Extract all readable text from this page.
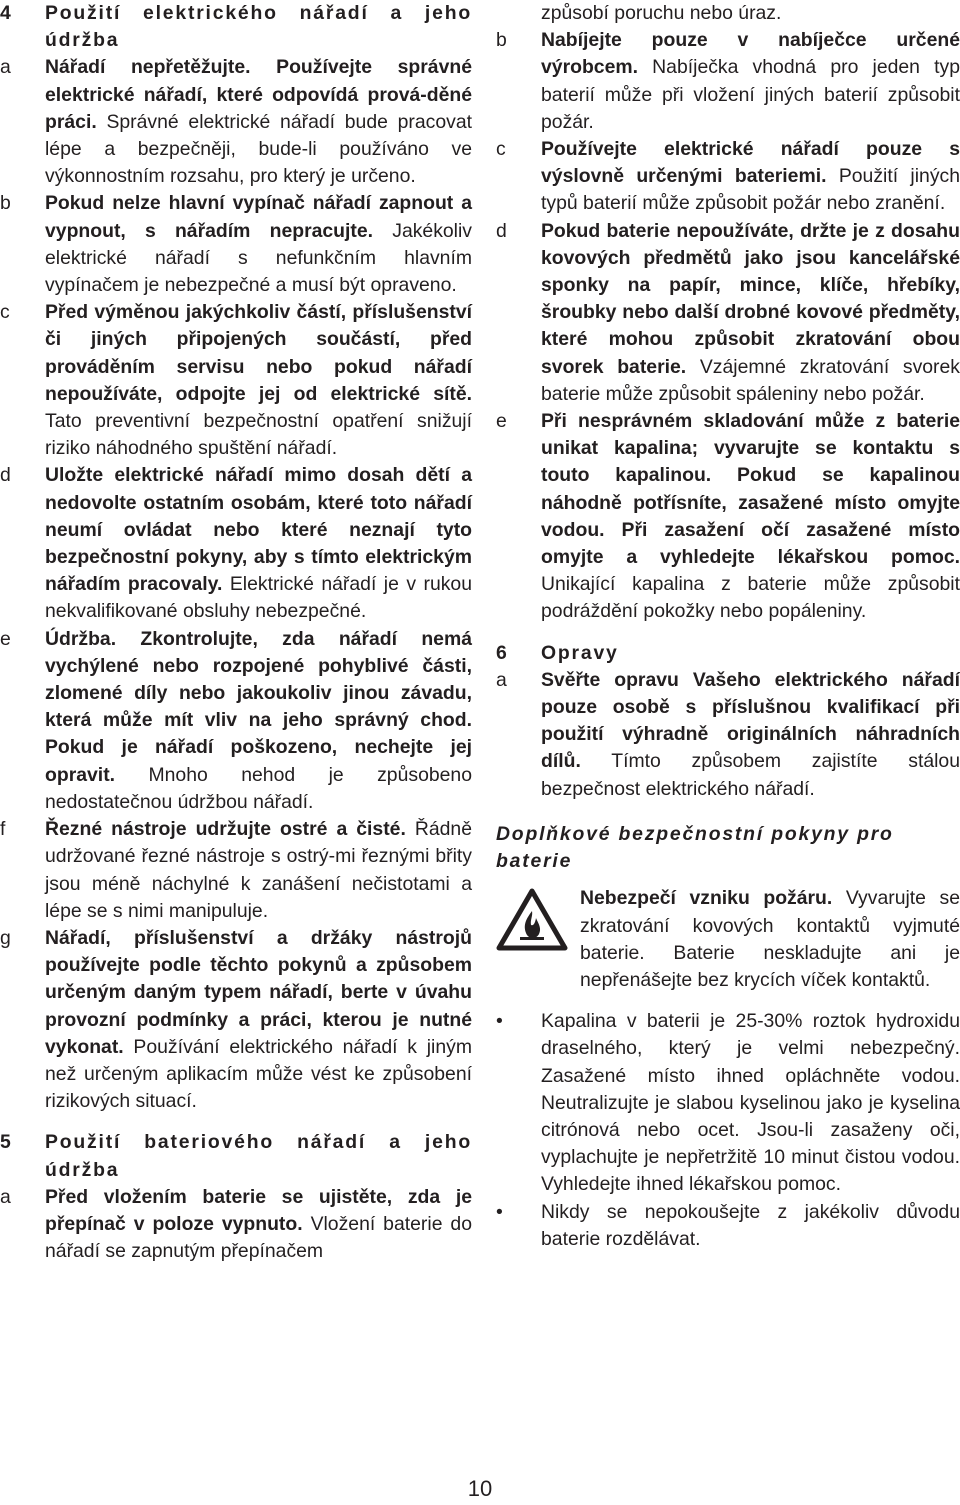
4	Použití elektrického nářadí a jeho údržba
a	Nářadí nepřetěžujte. Používejte správné elektrické nářadí, které odpovídá prová-děné práci. Správné elektrické nářadí bude pracovat lépe a bezpečněji, bude-li používáno ve výkonnostním rozsahu, pro který je určeno.
b	Pokud nelze hlavní vypínač nářadí zapnout a vypnout, s nářadím nepracujte. Jakékoliv elektrické nářadí s nefunkčním hlavním vypínačem je nebezpečné a musí být opraveno.
c	Před výměnou jakýchkoliv částí, příslušenství či jiných připojených součástí, před prováděním servisu nebo pokud nářadí nepoužíváte, odpojte jej od elektrické sítě. Tato preventivní bezpečnostní opatření snižují riziko náhodného spuštění nářadí.
d	Uložte elektrické nářadí mimo dosah dětí a nedovolte ostatním osobám, které toto nářadí neumí ovládat nebo které neznají tyto bezpečnostní pokyny, aby s tímto elektrickým nářadím pracovaly. Elektrické nářadí je v rukou nekvalifikované obsluhy nebezpečné.
e	Údržba. Zkontrolujte, zda nářadí nemá vychýlené nebo rozpojené pohyblivé části, zlomené díly nebo jakoukoliv jinou závadu, která může mít vliv na jeho správný chod. Pokud je nářadí poškozeno, nechejte jej opravit. Mnoho nehod je způsobeno nedostatečnou údržbou nářadí.
f	Řezné nástroje udržujte ostré a čisté. Řádně udržované řezné nástroje s ostrý-mi řeznými břity jsou méně náchylné k zanášení nečistotami a lépe se s nimi manipuluje.
g	Nářadí, příslušenství a držáky nástrojů používejte podle těchto pokynů a způsobem určeným daným typem nářadí, berte v úvahu provozní podmínky a práci, kterou je nutné vykonat. Používání elektrického nářadí k jiným než určeným aplikacím může vést ke způsobení rizikových situací.
5	Použití bateriového nářadí a jeho údržba
a	Před vložením baterie se ujistěte, zda je přepínač v poloze vypnuto. Vložení baterie do nářadí se zapnutým přepínačem
způsobí poruchu nebo úraz.
b	Nabíjejte pouze v nabíječce určené výrobcem. Nabíječka vhodná pro jeden typ baterií může při vložení jiných baterií způsobit požár.
c	Používejte elektrické nářadí pouze s výslovně určenými bateriemi. Použití jiných typů baterií může způsobit požár nebo zranění.
d	Pokud baterie nepoužíváte, držte je z dosahu kovových předmětů jako jsou kancelářské sponky na papír, mince, klíče, hřebíky, šroubky nebo další drobné kovové předměty, které mohou způsobit zkratování obou svorek baterie. Vzájemné zkratování svorek baterie může způsobit spáleniny nebo požár.
e	Při nesprávném skladování může z baterie unikat kapalina; vyvarujte se kontaktu s touto kapalinou. Pokud se kapalinou náhodně potřísníte, zasažené místo omyjte vodou. Při zasažení očí zasažené místo omyjte a vyhledejte lékařskou pomoc. Unikající kapalina z baterie může způsobit podráždění pokožky nebo popáleniny.
6	Opravy
a	Svěřte opravu Vašeho elektrického nářadí pouze osobě s příslušnou kvalifikací při použití výhradně originálních náhradních dílů. Tímto způsobem zajistíte stálou bezpečnost elektrického nářadí.
Doplňkové bezpečnostní pokyny pro baterie
Nebezpečí vzniku požáru. Vyvarujte se zkratování kovových kontaktů vyjmuté baterie. Baterie neskladujte ani je nepřenášejte bez krycích víček kontaktů.
•	Kapalina v baterii je 25-30% roztok hydroxidu draselného, který je velmi nebezpečný. Zasažené místo ihned opláchněte vodou. Neutralizujte je slabou kyselinou jako je kyselina citrónová nebo ocet. Jsou-li zasaženy oči, vyplachujte je nepřetržitě 10 minut čistou vodou. Vyhledejte ihned lékařskou pomoc.
•	Nikdy se nepokoušejte z jakékoliv důvodu baterie rozdělávat.
10
